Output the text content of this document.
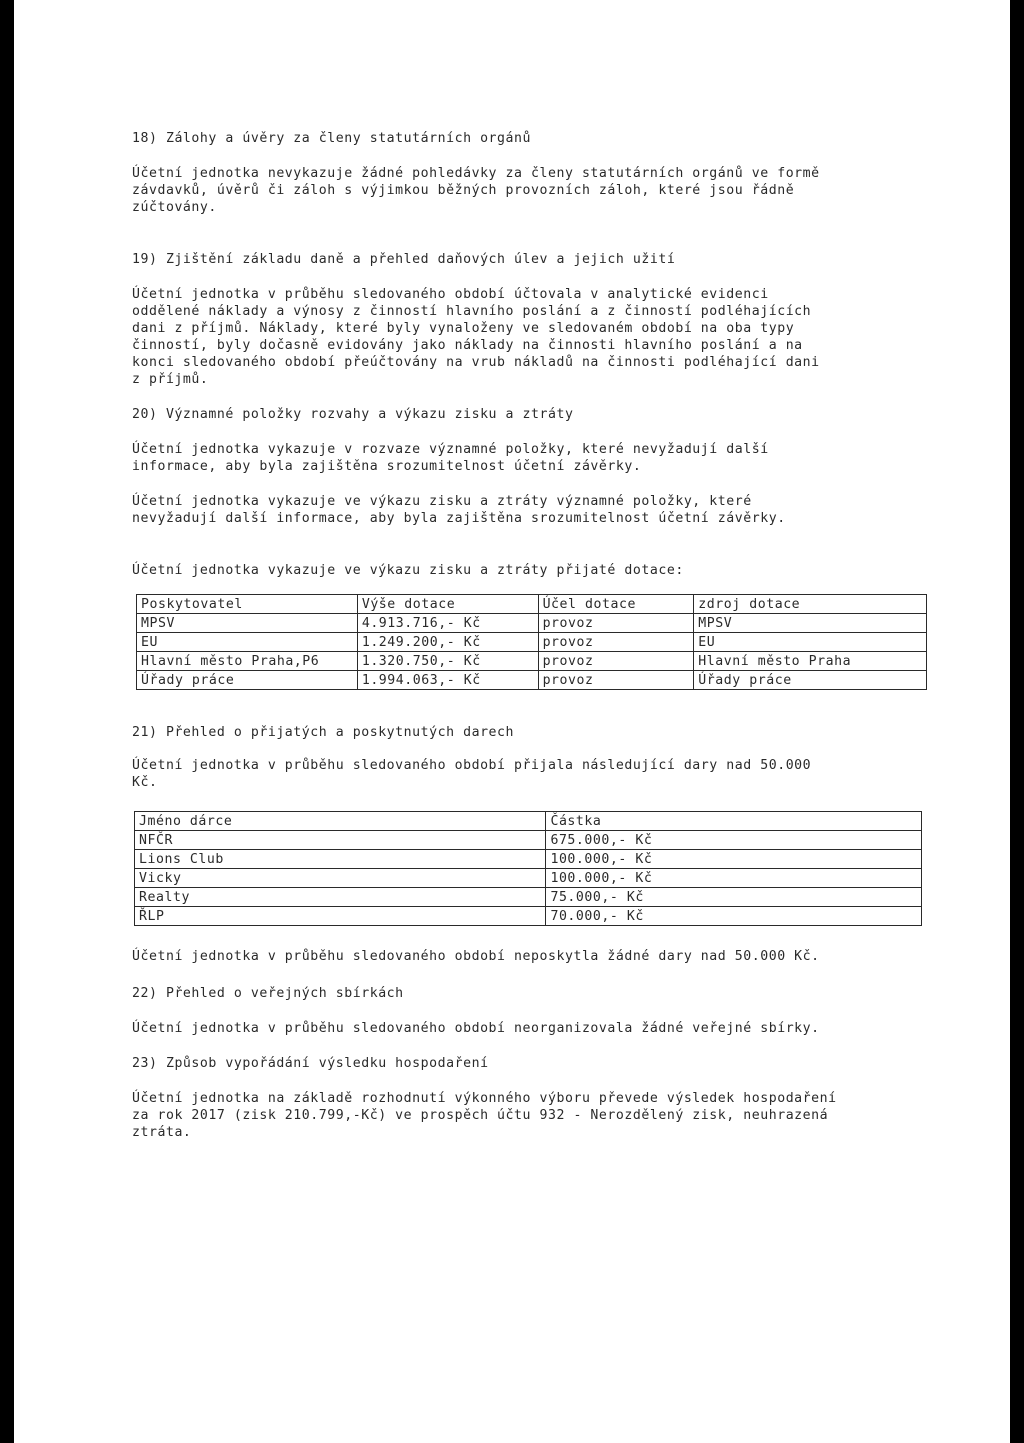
18) Zálohy a úvěry za členy statutárních orgánů

Účetní jednotka nevykazuje žádné pohledávky za členy statutárních orgánů ve formě
závdavků, úvěrů či záloh s výjimkou běžných provozních záloh, které jsou řádně
zúčtovány.

19) Zjištění základu daně a přehled daňových úlev a jejich užití

Účetní jednotka v průběhu sledovaného období účtovala v analytické evidenci
oddělené náklady a výnosy z činností hlavního poslání a z činností podléhajících
dani z příjmů. Náklady, které byly vynaloženy ve sledovaném období na oba typy
činností, byly dočasně evidovány jako náklady na činnosti hlavního poslání a na
konci sledovaného období přeúčtovány na vrub nákladů na činnosti podléhající dani
z příjmů.

20) Významné položky rozvahy a výkazu zisku a ztráty

Účetní jednotka vykazuje v rozvaze významné položky, které nevyžadují další
informace, aby byla zajištěna srozumitelnost účetní závěrky.

Účetní jednotka vykazuje ve výkazu zisku a ztráty významné položky, které
nevyžadují další informace, aby byla zajištěna srozumitelnost účetní závěrky.

Účetní jednotka vykazuje ve výkazu zisku a ztráty přijaté dotace:

Poskytovatel	Výše dotace	Účel dotace	zdroj dotace
MPSV	4.913.716,- Kč	provoz	MPSV
EU	1.249.200,- Kč	provoz	EU
Hlavní město Praha,P6	1.320.750,- Kč	provoz	Hlavní město Praha
Úřady práce	1.994.063,- Kč	provoz	Úřady práce

21) Přehled o přijatých a poskytnutých darech

Účetní jednotka v průběhu sledovaného období přijala následující dary nad 50.000
Kč.

Jméno dárce	Částka
NFČR	675.000,- Kč
Lions Club	100.000,- Kč
Vicky	100.000,- Kč
Realty	75.000,- Kč
ŘLP	70.000,- Kč

Účetní jednotka v průběhu sledovaného období neposkytla žádné dary nad 50.000 Kč.

22) Přehled o veřejných sbírkách

Účetní jednotka v průběhu sledovaného období neorganizovala žádné veřejné sbírky.

23) Způsob vypořádání výsledku hospodaření

Účetní jednotka na základě rozhodnutí výkonného výboru převede výsledek hospodaření
za rok 2017 (zisk 210.799,-Kč) ve prospěch účtu 932 - Nerozdělený zisk, neuhrazená
ztráta.
